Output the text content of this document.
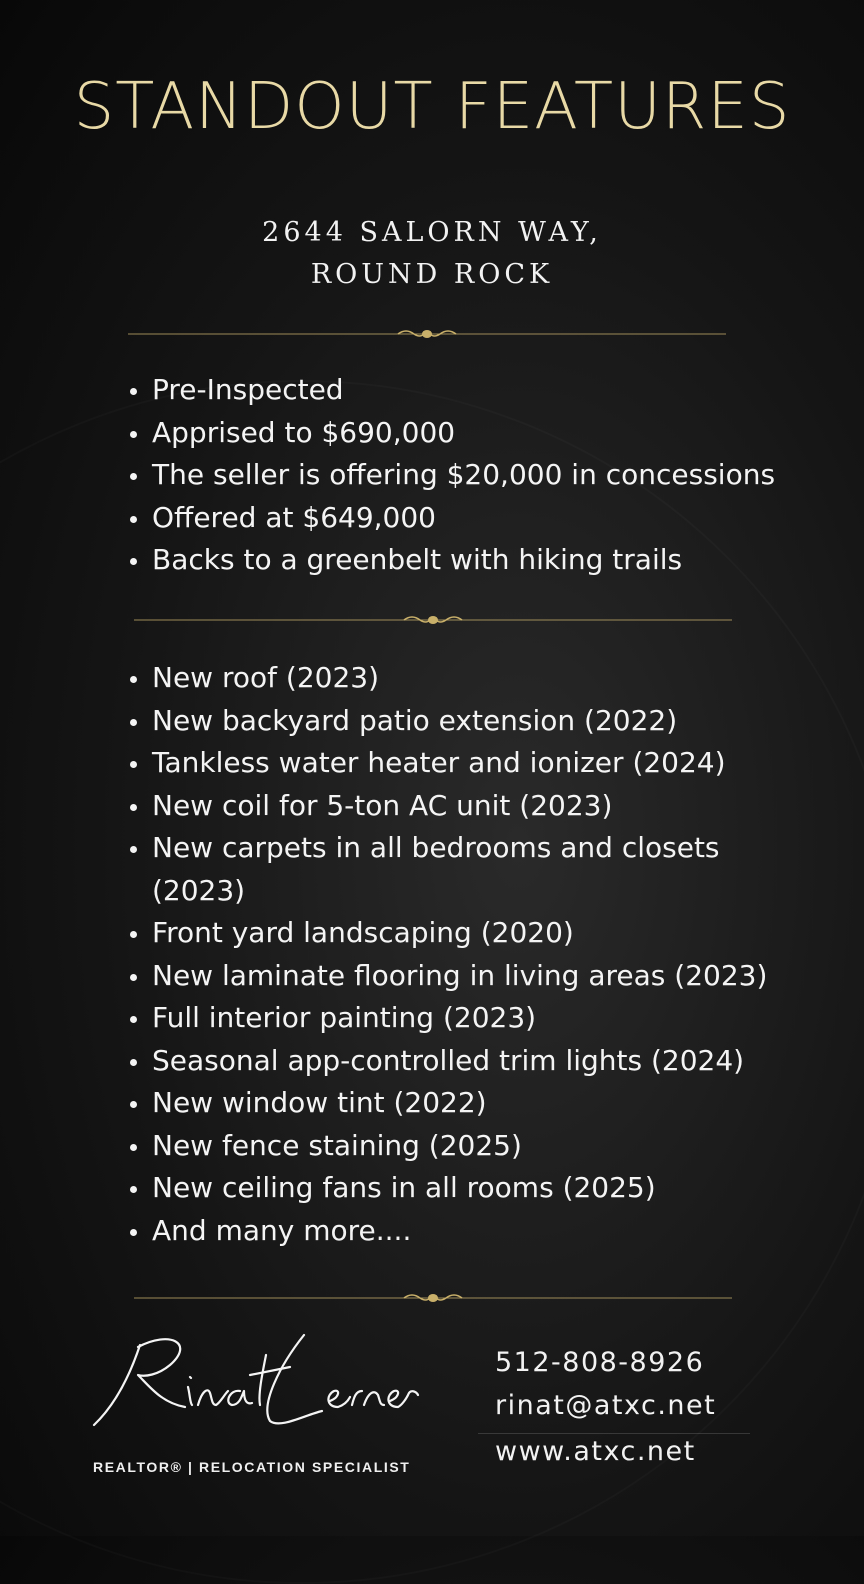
STANDOUT FEATURES
2644 SALORN WAY,
ROUND ROCK
Pre-Inspected
Apprised to $690,000
The seller is offering $20,000 in concessions
Offered at $649,000
Backs to a greenbelt with hiking trails
New roof (2023)
New backyard patio extension (2022)
Tankless water heater and ionizer (2024)
New coil for 5-ton AC unit (2023)
New carpets in all bedrooms and closets (2023)
Front yard landscaping (2020)
New laminate flooring in living areas (2023)
Full interior painting (2023)
Seasonal app-controlled trim lights (2024)
New window tint (2022)
New fence staining (2025)
New ceiling fans in all rooms (2025)
And many more....
REALTOR® | RELOCATION SPECIALIST
512-808-8926
rinat@atxc.net
www.atxc.net
